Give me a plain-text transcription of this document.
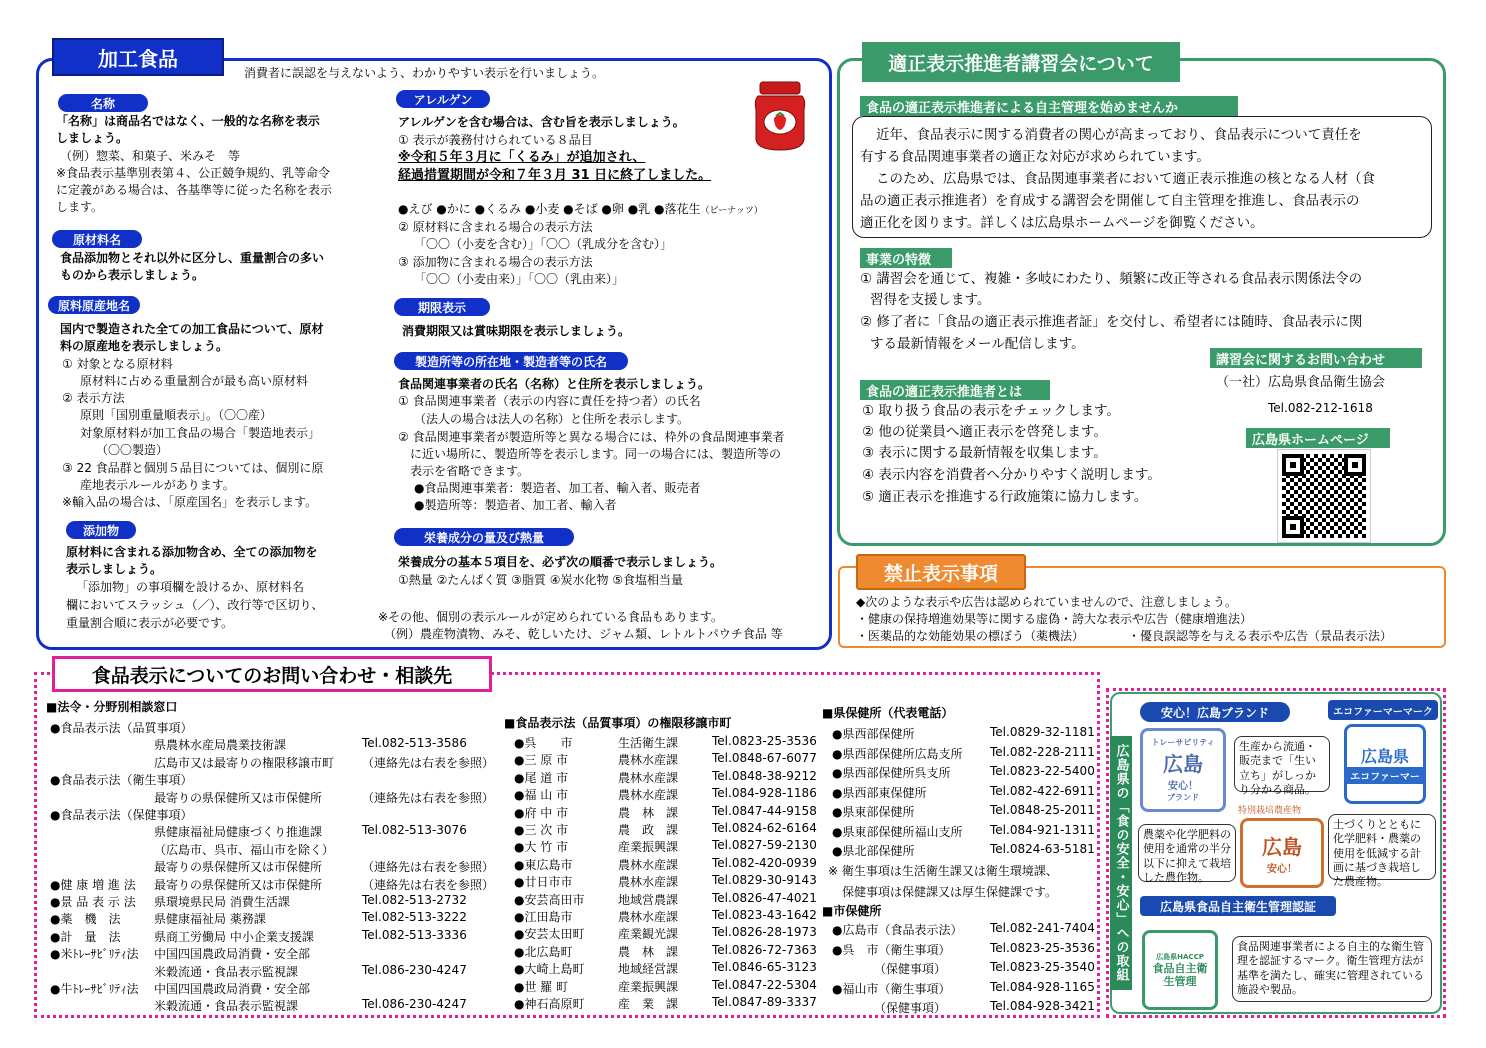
加工食品
消費者に誤認を与えないよう、わかりやすい表示を行いましょう。
名称
「名称」は商品名ではなく、一般的な名称を表示
しましょう。
（例）惣菜、和菓子、米みそ　等
※食品表示基準別表第４、公正競争規約、乳等命令
に定義がある場合は、各基準等に従った名称を表示
します。
原材料名
食品添加物とそれ以外に区分し、重量割合の多い
ものから表示しましょう。
原料原産地名
国内で製造された全ての加工食品について、原材
料の原産地を表示しましょう。
① 対象となる原材料
原材料に占める重量割合が最も高い原材料
② 表示方法
原則「国別重量順表示」。（〇〇産）
対象原材料が加工食品の場合「製造地表示」
（〇〇製造）
③ 22 食品群と個別５品目については、個別に原
産地表示ルールがあります。
※輸入品の場合は、「原産国名」を表示します。
添加物
原材料に含まれる添加物含め、全ての添加物を
表示しましょう。
「添加物」の事項欄を設けるか、原材料名
欄においてスラッシュ（／）、改行等で区切り、
重量割合順に表示が必要です。
アレルゲン
アレルゲンを含む場合は、含む旨を表示しましょう。
① 表示が義務付けられている８品目
※令和５年３月に「くるみ」が追加され、
経過措置期間が令和７年３月 31 日に終了しました。
●えび ●かに ●くるみ ●小麦 ●そば ●卵 ●乳 ●落花生（ピーナッツ）
② 原材料に含まれる場合の表示方法
「〇〇（小麦を含む）」「〇〇（乳成分を含む）」
③ 添加物に含まれる場合の表示方法
「〇〇（小麦由来）」「〇〇（乳由来）」
期限表示
消費期限又は賞味期限を表示しましょう。
製造所等の所在地・製造者等の氏名
食品関連事業者の氏名（名称）と住所を表示しましょう。
① 食品関連事業者（表示の内容に責任を持つ者）の氏名
（法人の場合は法人の名称）と住所を表示します。
② 食品関連事業者が製造所等と異なる場合には、枠外の食品関連事業者
に近い場所に、製造所等を表示します。同一の場合には、製造所等の
表示を省略できます。
●食品関連事業者：製造者、加工者、輸入者、販売者
●製造所等：製造者、加工者、輸入者
栄養成分の量及び熱量
栄養成分の基本５項目を、必ず次の順番で表示しましょう。
①熱量 ②たんぱく質 ③脂質 ④炭水化物 ⑤食塩相当量
※その他、個別の表示ルールが定められている食品もあります。
（例）農産物漬物、みそ、乾しいたけ、ジャム類、レトルトパウチ食品 等
適正表示推進者講習会について
食品の適正表示推進者による自主管理を始めませんか
近年、食品表示に関する消費者の関心が高まっており、食品表示について責任を
有する食品関連事業者の適正な対応が求められています。
このため、広島県では、食品関連事業者において適正表示推進の核となる人材（食
品の適正表示推進者）を育成する講習会を開催して自主管理を推進し、食品表示の
適正化を図ります。詳しくは広島県ホームページを御覧ください。
事業の特徴
① 講習会を通じて、複雑・多岐にわたり、頻繁に改正等される食品表示関係法令の
習得を支援します。
② 修了者に「食品の適正表示推進者証」を交付し、希望者には随時、食品表示に関
する最新情報をメール配信します。
講習会に関するお問い合わせ
（一社）広島県食品衛生協会
Tel.082-212-1618
広島県ホームページ
食品の適正表示推進者とは
① 取り扱う食品の表示をチェックします。
② 他の従業員へ適正表示を啓発します。
③ 表示に関する最新情報を収集します。
④ 表示内容を消費者へ分かりやすく説明します。
⑤ 適正表示を推進する行政施策に協力します。
禁止表示事項
◆次のような表示や広告は認められていませんので、注意しましょう。
・健康の保持増進効果等に関する虚偽・誇大な表示や広告（健康増進法）
・医薬品的な効能効果の標ぼう（薬機法）	・優良誤認等を与える表示や広告（景品表示法）
食品表示についてのお問い合わせ・相談先
■法令・分野別相談窓口
●食品表示法（品質事項）
県農林水産局農業技術課	Tel.082-513-3586
広島市又は最寄りの権限移譲市町 （連絡先は右表を参照）
●食品表示法（衛生事項）
最寄りの県保健所又は市保健所	（連絡先は右表を参照）
●食品表示法（保健事項）
県健康福祉局健康づくり推進課	Tel.082-513-3076
（広島市、呉市、福山市を除く）
最寄りの県保健所又は市保健所	（連絡先は右表を参照）
●健 康 増 進 法 最寄りの県保健所又は市保健所	（連絡先は右表を参照）
●景 品 表 示 法 県環境県民局 消費生活課	Tel.082-513-2732
●薬　機　法	県健康福祉局 薬務課	Tel.082-513-3222
●計　量　法	県商工労働局 中小企業支援課	Tel.082-513-3336
●米ﾄﾚｰｻﾋﾞﾘﾃｨ法 中国四国農政局消費・安全部
米穀流通・食品表示監視課	Tel.086-230-4247
●牛ﾄﾚｰｻﾋﾞﾘﾃｨ法 中国四国農政局消費・安全部
米穀流通・食品表示監視課	Tel.086-230-4247
■食品表示法（品質事項）の権限移譲市町
●呉　　市	生活衛生課	Tel.0823-25-3536
●三 原 市	農林水産課	Tel.0848-67-6077
●尾 道 市	農林水産課	Tel.0848-38-9212
●福 山 市	農林水産課	Tel.084-928-1186
●府 中 市	農　林　課	Tel.0847-44-9158
●三 次 市	農　政　課	Tel.0824-62-6164
●大 竹 市	産業振興課	Tel.0827-59-2130
●東広島市	農林水産課	Tel.082-420-0939
●廿日市市	農林水産課	Tel.0829-30-9143
●安芸高田市	地域営農課	Tel.0826-47-4021
●江田島市	農林水産課	Tel.0823-43-1642
●安芸太田町	産業観光課	Tel.0826-28-1973
●北広島町	農　林　課	Tel.0826-72-7363
●大崎上島町	地域経営課	Tel.0846-65-3123
●世 羅 町	産業振興課	Tel.0847-22-5304
●神石高原町	産　業　課	Tel.0847-89-3337
■県保健所（代表電話）
●県西部保健所	Tel.0829-32-1181
●県西部保健所広島支所 Tel.082-228-2111
●県西部保健所呉支所	Tel.0823-22-5400
●県西部東保健所	Tel.082-422-6911
●県東部保健所	Tel.0848-25-2011
●県東部保健所福山支所 Tel.084-921-1311
●県北部保健所	Tel.0824-63-5181
※ 衛生事項は生活衛生課又は衛生環境課、
保健事項は保健課又は厚生保健課です。
■市保健所
●広島市（食品表示法） Tel.082-241-7404
●呉　市（衛生事項）	Tel.0823-25-3536
　　　　（保健事項）	Tel.0823-25-3540
●福山市（衛生事項）	Tel.084-928-1165
　　　　（保健事項）	Tel.084-928-3421
広島県の「食の安全・安心」への取組
安心！広島ブランド	エコファーマーマーク
トレーサビリティ
広島
安心！
ブランド
生産から流通・販売まで「生い立ち」がしっかり分かる商品。
広島県
エコファーマー
土づくりとともに化学肥料・農薬の使用を低減する計画に基づき栽培した農産物。
特別栽培農産物
広島
安心！
農薬や化学肥料の使用を通常の半分以下に抑えて栽培した農作物。
広島県食品自主衛生管理認証
広島県HACCP
食品自主衛生管理
食品関連事業者による自主的な衛生管理を認証するマーク。衛生管理方法が基準を満たし、確実に管理されている施設や製品。
